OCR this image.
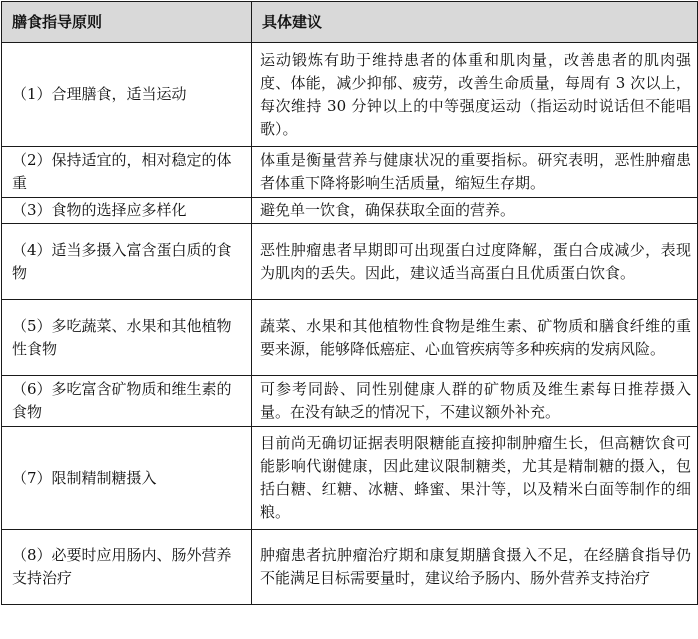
膳食指导原则	具体建议
（1）合理膳食，适当运动	运动锻炼有助于维持患者的体重和肌肉量，改善患者的肌肉强度、体能，减少抑郁、疲劳，改善生命质量，每周有 3 次以上，每次维持 30 分钟以上的中等强度运动（指运动时说话但不能唱歌）。
（2）保持适宜的，相对稳定的体重	体重是衡量营养与健康状况的重要指标。研究表明，恶性肿瘤患者体重下降将影响生活质量，缩短生存期。
（3）食物的选择应多样化	避免单一饮食，确保获取全面的营养。
（4）适当多摄入富含蛋白质的食物	恶性肿瘤患者早期即可出现蛋白过度降解，蛋白合成减少，表现为肌肉的丢失。因此，建议适当高蛋白且优质蛋白饮食。
（5）多吃蔬菜、水果和其他植物性食物	蔬菜、水果和其他植物性食物是维生素、矿物质和膳食纤维的重要来源，能够降低癌症、心血管疾病等多种疾病的发病风险。
（6）多吃富含矿物质和维生素的食物	可参考同龄、同性别健康人群的矿物质及维生素每日推荐摄入量。在没有缺乏的情况下，不建议额外补充。
（7）限制精制糖摄入	目前尚无确切证据表明限糖能直接抑制肿瘤生长，但高糖饮食可能影响代谢健康，因此建议限制糖类，尤其是精制糖的摄入，包括白糖、红糖、冰糖、蜂蜜、果汁等，以及精米白面等制作的细粮。
（8）必要时应用肠内、肠外营养支持治疗	肿瘤患者抗肿瘤治疗期和康复期膳食摄入不足，在经膳食指导仍不能满足目标需要量时，建议给予肠内、肠外营养支持治疗
